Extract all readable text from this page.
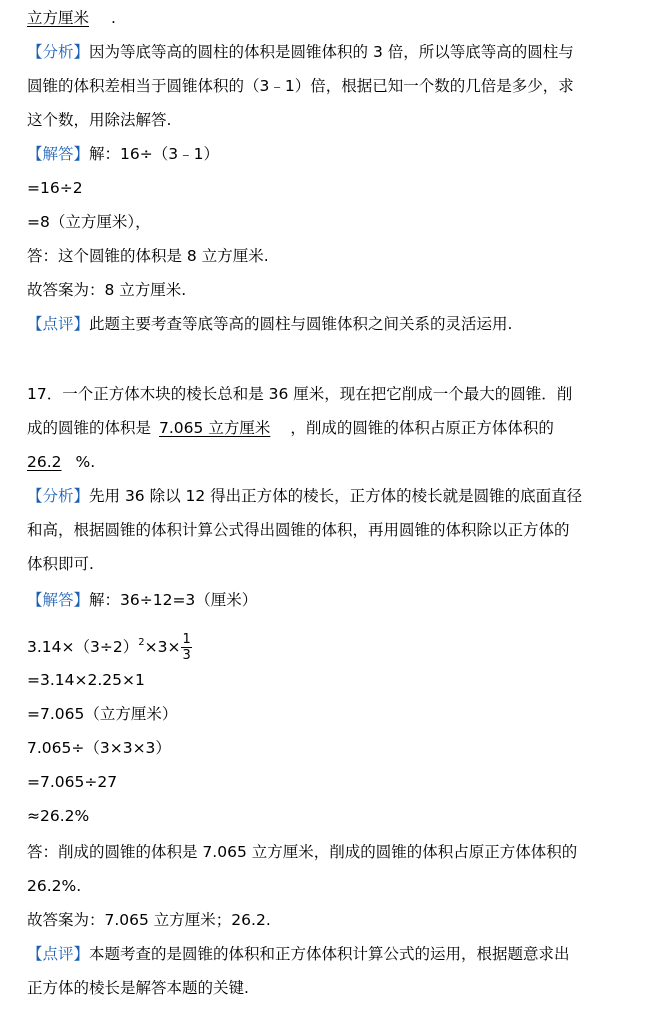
立方厘米 .
【分析】因为等底等高的圆柱的体积是圆锥体积的 3 倍，所以等底等高的圆柱与
圆锥的体积差相当于圆锥体积的（3﹣1）倍，根据已知一个数的几倍是多少，求
这个数，用除法解答.
【解答】解：16÷（3﹣1）
=16÷2
=8（立方厘米），
答：这个圆锥的体积是 8 立方厘米.
故答案为：8 立方厘米.
【点评】此题主要考查等底等高的圆柱与圆锥体积之间关系的灵活运用.
17．一个正方体木块的棱长总和是 36 厘米，现在把它削成一个最大的圆锥．削
成的圆锥的体积是 7.065 立方厘米 ，削成的圆锥的体积占原正方体体积的
26.2 %.
【分析】先用 36 除以 12 得出正方体的棱长，正方体的棱长就是圆锥的底面直径
和高，根据圆锥的体积计算公式得出圆锥的体积，再用圆锥的体积除以正方体的
体积即可.
【解答】解：36÷12=3（厘米）
$3.14\times(3\div 2)^2\times 3\times \frac{1}{3}$
=3.14×2.25×1
=7.065（立方厘米）
7.065÷（3×3×3）
=7.065÷27
≈26.2%
答：削成的圆锥的体积是 7.065 立方厘米，削成的圆锥的体积占原正方体体积的
26.2%.
故答案为：7.065 立方厘米；26.2.
【点评】本题考查的是圆锥的体积和正方体体积计算公式的运用，根据题意求出
正方体的棱长是解答本题的关键.
